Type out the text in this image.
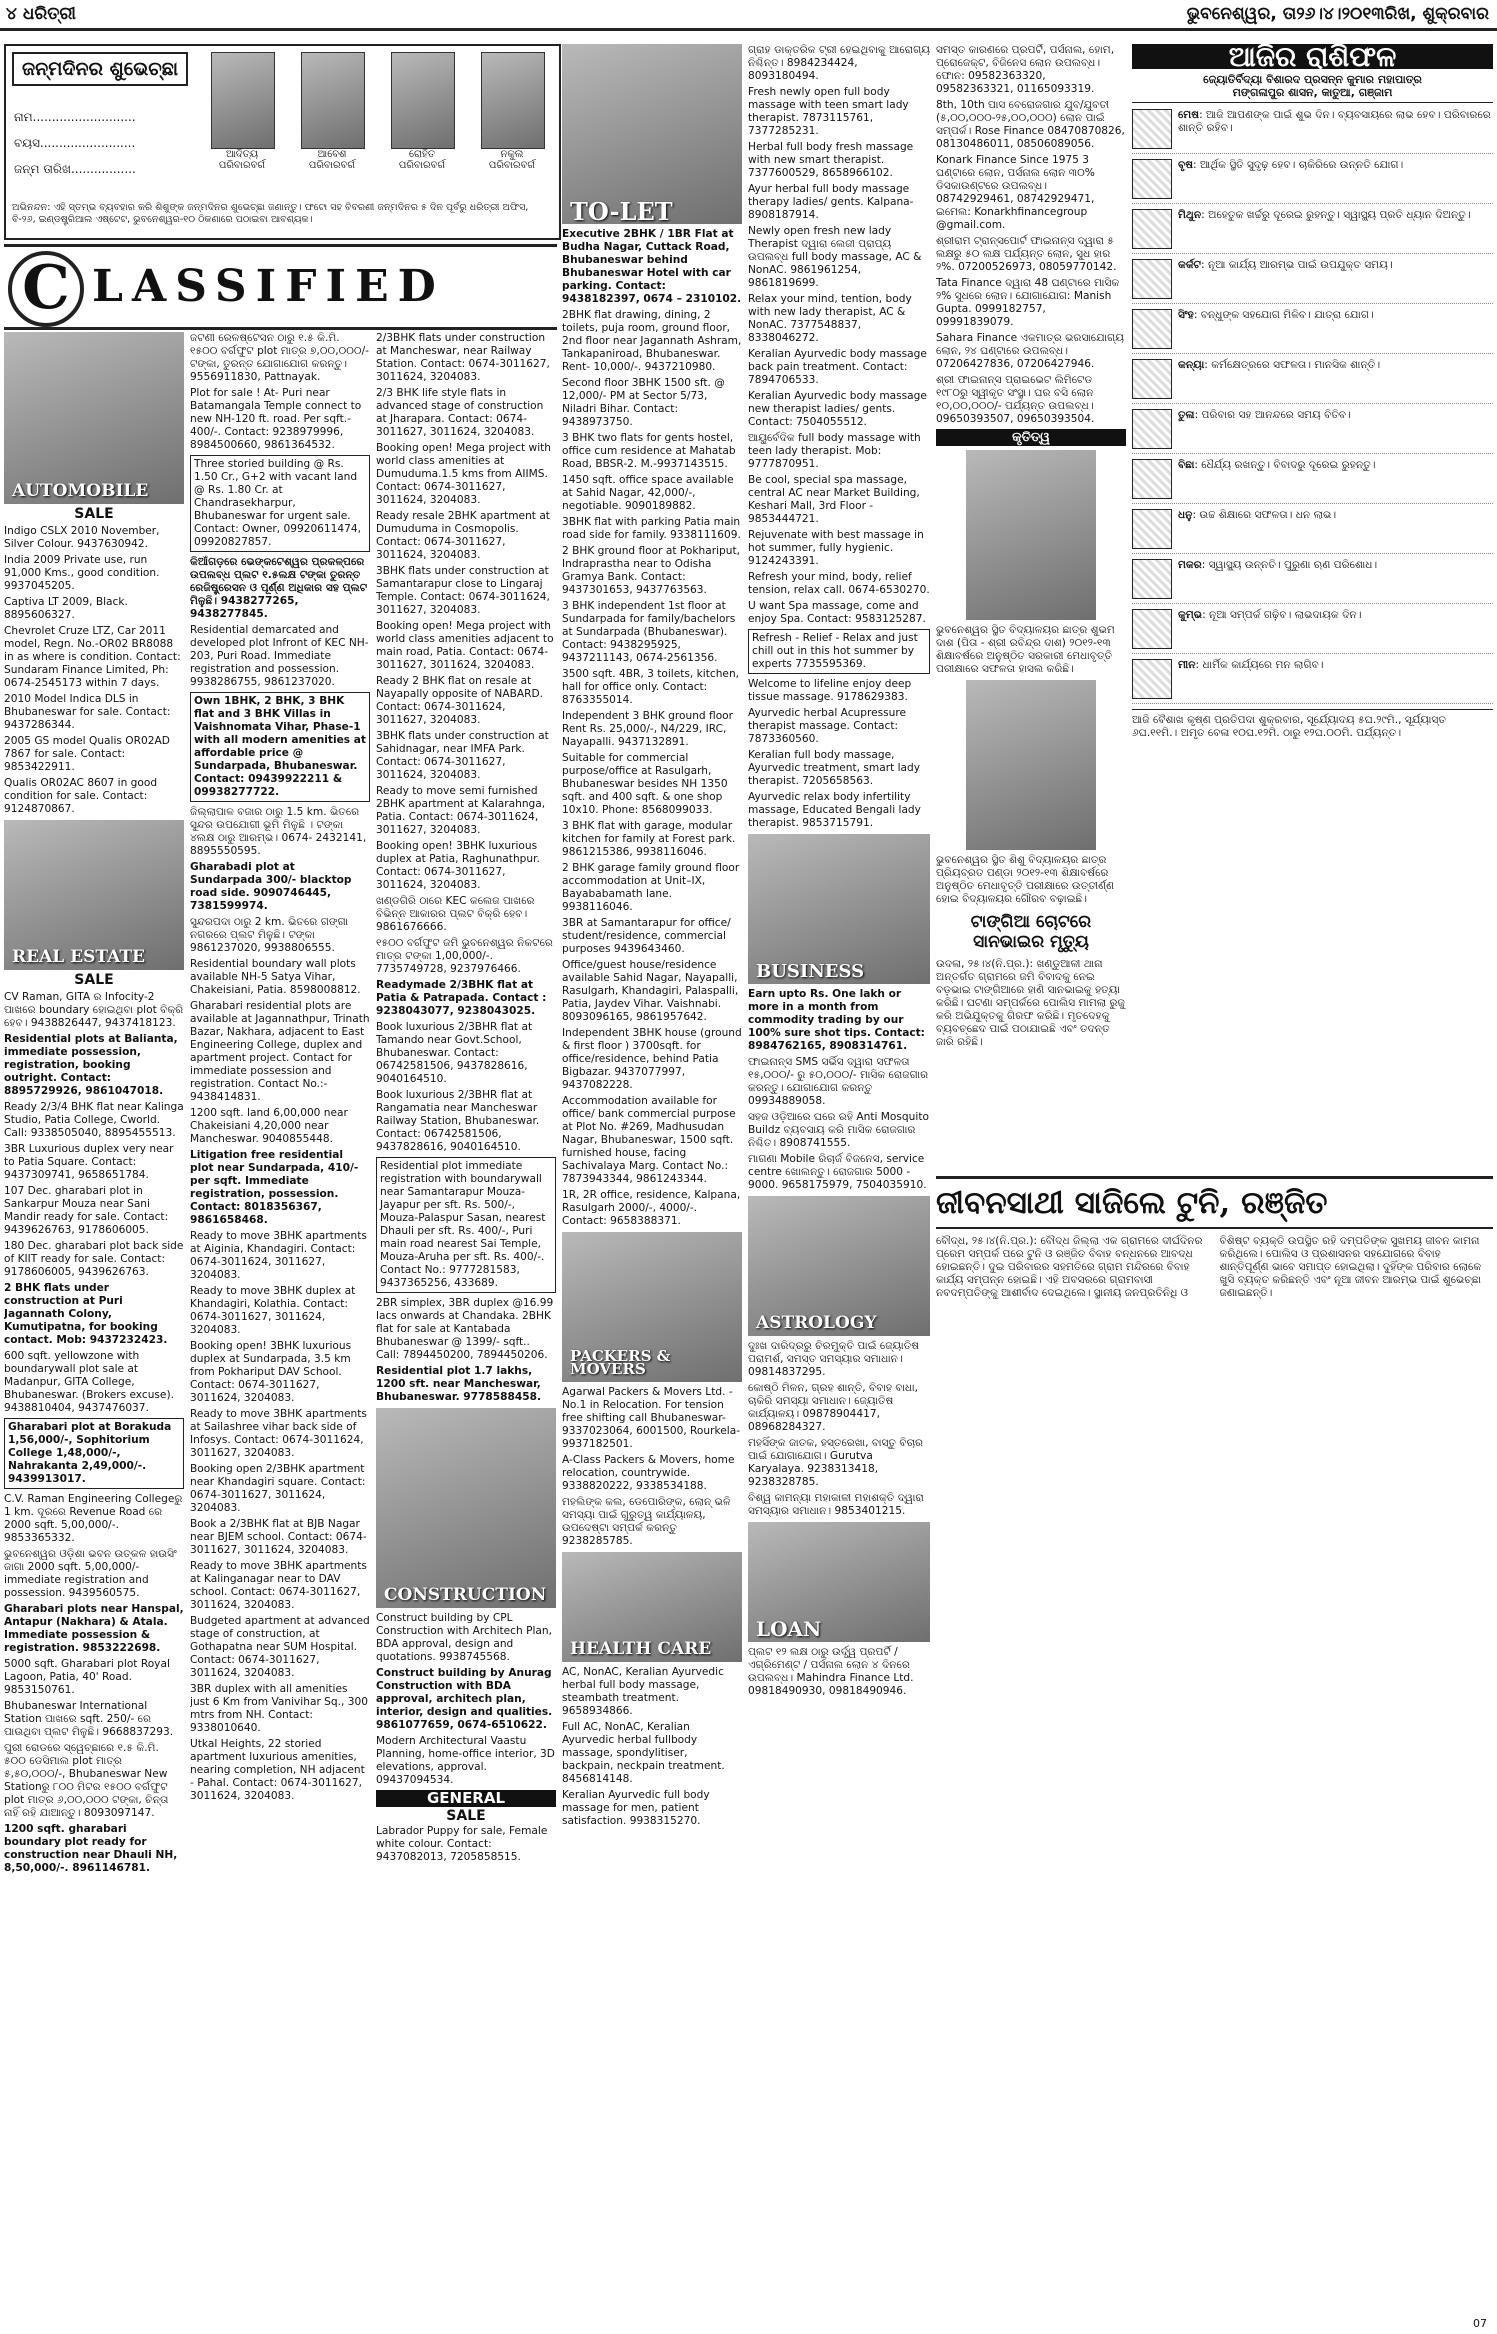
୪ ଧରିତ୍ରୀ	ଭୁବନେଶ୍ୱର, ତା୨୬।୪।୨୦୧୩ରିଖ, ଶୁକ୍ରବାର
ଜନ୍ମଦିନର ଶୁଭେଚ୍ଛା
ନାମ...........................
ବୟସ.........................
ଜନ୍ମ ତାରିଖ.................
ଆଦିତ୍ୟ
ପରିବାରବର୍ଗ
ଆବେଶ
ପରିବାରବର୍ଗ
ରୋହିତ
ପରିବାରବର୍ଗ
ନକୁଲ
ପରିବାରବର୍ଗ
ଅଭିନନ୍ଦନ: ଏହି ସ୍ତମ୍ଭ ବ୍ୟବହାର କରି ଶିଶୁଙ୍କ ଜନ୍ମଦିନର ଶୁଭେଚ୍ଛା ଜଣାନ୍ତୁ। ଫଟୋ ସହ ବିବରଣୀ ଜନ୍ମଦିନର ୫ ଦିନ ପୂର୍ବରୁ ଧରିତ୍ରୀ ଅଫିସ, ବି-୨୬, ଇଣ୍ଡଷ୍ଟ୍ରିଆଲ ଏଷ୍ଟେଟ, ଭୁବନେଶ୍ୱର-୧୦ ଠିକଣାରେ ପଠାଇବା ଆବଶ୍ୟକ।
C LASSIFIED
AUTOMOBILE
SALE

Indigo CSLX 2010 November, Silver Colour. 9437630942.

India 2009 Private use, run 91,000 Kms., good condition. 9937045205.

Captiva LT 2009, Black. 8895606327.

Chevrolet Cruze LTZ, Car 2011 model, Regn. No.-OR02 BR8088 in as where is condition. Contact: Sundaram Finance Limited, Ph: 0674-2545173 within 7 days.

2010 Model Indica DLS in Bhubaneswar for sale. Contact: 9437286344.

2005 GS model Qualis OR02AD 7867 for sale. Contact: 9853422911.

Qualis OR02AC 8607 in good condition for sale. Contact: 9124870867.

REAL ESTATE
SALE

CV Raman, GITA ର Infocity-2 ପାଖରେ boundary ହୋଇଥିବା plot ବିକ୍ରି ହେବ। 9438826447, 9437418123.

Residential plots at Balianta, immediate possession, registration, booking outright. Contact: 8895729926, 9861047018.

Ready 2/3/4 BHK flat near Kalinga Studio, Patia College, Cworld. Call: 9338505040, 8895455513.

3BR Luxurious duplex very near to Patia Square. Contact: 9437309741, 9658651784.

107 Dec. gharabari plot in Sankarpur Mouza near Sani Mandir ready for sale. Contact: 9439626763, 9178606005.

180 Dec. gharabari plot back side of KIIT ready for sale. Contact: 9178606005, 9439626763.

2 BHK flats under construction at Puri Jagannath Colony, Kumutipatna, for booking contact. Mob: 9437232423.

600 sqft. yellowzone with boundarywall plot sale at Madanpur, GITA College, Bhubaneswar. (Brokers excuse). 9438810404, 9437476037.

Gharabari plot at Borakuda 1,56,000/-, Sophitorium College 1,48,000/-, Nahrakanta 2,49,000/-. 9439913017.

C.V. Raman Engineering Collegeରୁ 1 km. ଦୂରରେ Revenue Road ରେ 2000 sqft. 5,00,000/-. 9853365332.

ଭୁବନେଶ୍ୱର ଓଡ଼ିଶା ଭବନ ଉତ୍କଳ ହାଉସିଂ ଜାଗା 2000 sqft. 5,00,000/- immediate registration and possession. 9439560575.

Gharabari plots near Hanspal, Antapur (Nakhara) & Atala. Immediate possession & registration. 9853222698.

5000 sqft. Gharabari plot Royal Lagoon, Patia, 40' Road. 9853150761.

Bhubaneswar International Station ପାଖରେ sqft. 250/- ରେ ପାଉଥିବା ପ୍ଲଟ ମିଳୁଛି। 9668837293.

ପୁରୀ ରୋଡରେ ସ୍ୱେଚ୍ଛାରେ ୧.୫ କି.ମି. ୫୦୦ ଡେସିମାଲ plot ମାତ୍ର ୫,୫୦,୦୦୦/-, Bhubaneswar New Stationରୁ ୮୦୦ ମିଟର ୧୫୦୦ ବର୍ଗଫୁଟ plot ମାତ୍ର ୬,୦୦,୦୦୦ ଟଙ୍କା, ଚିନ୍ତା ନାହିଁ ରହି ଯାଆନ୍ତୁ। 8093097147.

1200 sqft. gharabari boundary plot ready for construction near Dhauli NH, 8,50,000/-. 8961146781.

ଜଟଣୀ ରେଳଷ୍ଟେସନ ଠାରୁ ୧.୫ କି.ମି. ୧୫୦୦ ବର୍ଗଫୁଟ plot ମାତ୍ର ୭,୦୦,୦୦୦/- ଟଙ୍କା, ତୁରନ୍ତ ଯୋଗାଯୋଗ କରନ୍ତୁ। 9556911830, Pattnayak.

Plot for sale ! At- Puri near Batamangala Temple connect to new NH-120 ft. road. Per sqft.- 400/-. Contact: 9238979996, 8984500660, 9861364532.

Three storied building @ Rs. 1.50 Cr., G+2 with vacant land @ Rs. 1.80 Cr. at Chandrasekharpur, Bhubaneswar for urgent sale. Contact: Owner, 09920611474, 09920827857.

କିଆଁଗଡ଼ରେ ଭେଙ୍କଟେଶ୍ୱର ପ୍ରକଳ୍ପରେ ଉପଲବ୍ଧ ପ୍ଲଟ ୧.୫ଲକ୍ଷ ଟଙ୍କା ତୁରନ୍ତ ରେଜିଷ୍ଟ୍ରେସନ ଓ ପୂର୍ଣ୍ଣ ଅଧିକାର ସହ ପ୍ଲଟ ମିଳୁଛି। 9438277265, 9438277845.

Residential demarcated and developed plot Infront of KEC NH-203, Puri Road. Immediate registration and possession. 9938286755, 9861237020.

Own 1BHK, 2 BHK, 3 BHK flat and 3 BHK Villas in Vaishnomata Vihar, Phase-1 with all modern amenities at affordable price @ Sundarpada, Bhubaneswar. Contact: 09439922211 & 09938277722.

ଜିଲ୍ଲାପାଳ ବଜାର ଠାରୁ 1.5 km. ଭିତରେ ସୁନ୍ଦର ଉପଯୋଗୀ ଭୂମି ମିଳୁଛି । ଟଙ୍କା ୪ଲକ୍ଷ ଠାରୁ ଆରମ୍ଭ। 0674- 2432141, 8895550595.

Gharabadi plot at Sundarpada 300/- blacktop road side. 9090746445, 7381599974.

ସୁନ୍ଦରପଦା ଠାରୁ 2 km. ଭିତରେ ଗଙ୍ଗା ନଗରରେ ପ୍ଲଟ ମିଳୁଛି। ଟଙ୍କା 9861237020, 9938806555.

Residential boundary wall plots available NH-5 Satya Vihar, Chakeisiani, Patia. 8598008812.

Gharabari residential plots are available at Jagannathpur, Trinath Bazar, Nakhara, adjacent to East Engineering College, duplex and apartment project. Contact for immediate possession and registration. Contact No.:- 9438414831.

1200 sqft. land 6,00,000 near Chakeisiani 4,20,000 near Mancheswar. 9040855448.

Litigation free residential plot near Sundarpada, 410/- per sqft. Immediate registration, possession. Contact: 8018356367, 9861658468.

Ready to move 3BHK apartments at Aiginia, Khandagiri. Contact: 0674-3011624, 3011627, 3204083.

Ready to move 3BHK duplex at Khandagiri, Kolathia. Contact: 0674-3011627, 3011624, 3204083.

Booking open! 3BHK luxurious duplex at Sundarpada, 3.5 km from Pokhariput DAV School. Contact: 0674-3011627, 3011624, 3204083.

Ready to move 3BHK apartments at Sailashree vihar back side of Infosys. Contact: 0674-3011624, 3011627, 3204083.

Booking open 2/3BHK apartment near Khandagiri square. Contact: 0674-3011627, 3011624, 3204083.

Book a 2/3BHK flat at BJB Nagar near BJEM school. Contact: 0674-3011627, 3011624, 3204083.

Ready to move 3BHK apartments at Kalinganagar near to DAV school. Contact: 0674-3011627, 3011624, 3204083.

Budgeted apartment at advanced stage of construction, at Gothapatna near SUM Hospital. Contact: 0674-3011627, 3011624, 3204083.

3BR duplex with all amenities just 6 Km from Vanivihar Sq., 300 mtrs from NH. Contact: 9338010640.

Utkal Heights, 22 storied apartment luxurious amenities, nearing completion, NH adjacent - Pahal. Contact: 0674-3011627, 3011624, 3204083.

2/3BHK flats under construction at Mancheswar, near Railway Station. Contact: 0674-3011627, 3011624, 3204083.

2/3 BHK life style flats in advanced stage of construction at Jharapara. Contact: 0674-3011627, 3011624, 3204083.

Booking open! Mega project with world class amenities at Dumuduma.1.5 kms from AIIMS. Contact: 0674-3011627, 3011624, 3204083.

Ready resale 2BHK apartment at Dumuduma in Cosmopolis. Contact: 0674-3011627, 3011624, 3204083.

3BHK flats under construction at Samantarapur close to Lingaraj Temple. Contact: 0674-3011624, 3011627, 3204083.

Booking open! Mega project with world class amenities adjacent to main road, Patia. Contact: 0674-3011627, 3011624, 3204083.

Ready 2 BHK flat on resale at Nayapally opposite of NABARD. Contact: 0674-3011624, 3011627, 3204083.

3BHK flats under construction at Sahidnagar, near IMFA Park. Contact: 0674-3011627, 3011624, 3204083.

Ready to move semi furnished 2BHK apartment at Kalarahnga, Patia. Contact: 0674-3011624, 3011627, 3204083.

Booking open! 3BHK luxurious duplex at Patia, Raghunathpur. Contact: 0674-3011627, 3011624, 3204083.

ଖଣ୍ଡଗିରି ଠାରେ KEC କଲେଜ ପାଖରେ ବିଭିନ୍ନ ଆକାରର ପ୍ଲଟ ବିକ୍ରି ହେବ। 9861676666.

୧୫୦୦ ବର୍ଗଫୁଟ ଜମି ଭୁବନେଶ୍ୱର ନିକଟରେ ମାତ୍ର ଟଙ୍କା 1,00,000/-. 7735749728, 9237976466.

Readymade 2/3BHK flat at Patia & Patrapada. Contact : 9238043077, 9238043025.

Book luxurious 2/3BHR flat at Tamando near Govt.School, Bhubaneswar. Contact: 06742581506, 9437828616, 9040164510.

Book luxurious 2/3BHR flat at Rangamatia near Mancheswar Railway Station, Bhubaneswar. Contact: 06742581506, 9437828616, 9040164510.

Residential plot immediate registration with boundarywall near Samantarapur Mouza-Jayapur per sft. Rs. 500/-, Mouza-Palaspur Sasan, nearest Dhauli per sft. Rs. 400/-, Puri main road nearest Sai Temple, Mouza-Aruha per sft. Rs. 400/-. Contact No.: 9777281583, 9437365256, 433689.

2BR simplex, 3BR duplex @16.99 lacs onwards at Chandaka. 2BHK flat for sale at Kantabada Bhubaneswar @ 1399/- sqft.. Call: 7894450200, 7894450206.

Residential plot 1.7 lakhs, 1200 sft. near Mancheswar, Bhubaneswar. 9778588458.

CONSTRUCTION

Construct building by CPL Construction with Architech Plan, BDA approval, design and quotations. 9938745568.

Construct building by Anurag Construction with BDA approval, architech plan, interior, design and qualities. 9861077659, 0674-6510622.

Modern Architectural Vaastu Planning, home-office interior, 3D elevations, approval. 09437094534.

GENERAL
SALE

Labrador Puppy for sale, Female white colour. Contact: 9437082013, 7205858515.

TO-LET

Executive 2BHK / 1BR Flat at Budha Nagar, Cuttack Road, Bhubaneswar behind Bhubaneswar Hotel with car parking. Contact: 9438182397, 0674 – 2310102.

2BHK flat drawing, dining, 2 toilets, puja room, ground floor, 2nd floor near Jagannath Ashram, Tankapaniroad, Bhubaneswar. Rent- 10,000/-. 9437210980.

Second floor 3BHK 1500 sft. @ 12,000/- PM at Sector 5/73, Niladri Bihar. Contact: 9438973750.

3 BHK two flats for gents hostel, office cum residence at Mahatab Road, BBSR-2. M.-9937143515.

1450 sqft. office space available at Sahid Nagar, 42,000/-, negotiable. 9090189882.

3BHK flat with parking Patia main road side for family. 9338111609.

2 BHK ground floor at Pokhariput, Indraprastha near to Odisha Gramya Bank. Contact: 9437301653, 9437763563.

3 BHK independent 1st floor at Sundarpada for family/bachelors at Sundarpada (Bhubaneswar). Contact: 9438295925, 9437211143, 0674-2561356.

3500 sqft. 4BR, 3 toilets, kitchen, hall for office only. Contact: 8763355014.

Independent 3 BHK ground floor Rent Rs. 25,000/-, N4/229, IRC, Nayapalli. 9437132891.

Suitable for commercial purpose/office at Rasulgarh, Bhubaneswar besides NH 1350 sqft. and 400 sqft. & one shop 10x10. Phone: 8568099033.

3 BHK flat with garage, modular kitchen for family at Forest park. 9861215386, 9938116046.

2 BHK garage family ground floor accommodation at Unit–IX, Bayababamath lane. 9938116046.

3BR at Samantarapur for office/ student/residence, commercial purposes 9439643460.

Office/guest house/residence available Sahid Nagar, Nayapalli, Rasulgarh, Khandagiri, Palaspalli, Patia, Jaydev Vihar. Vaishnabi. 8093096165, 9861957642.

Independent 3BHK house (ground & first floor ) 3700sqft. for office/residence, behind Patia Bigbazar. 9437077997, 9437082228.

Accommodation available for office/ bank commercial purpose at Plot No. #269, Madhusudan Nagar, Bhubaneswar, 1500 sqft. furnished house, facing Sachivalaya Marg. Contact No.: 7873943344, 9861243344.

1R, 2R office, residence, Kalpana, Rasulgarh 2000/-, 4000/-. Contact: 9658388371.

PACKERS & MOVERS

Agarwal Packers & Movers Ltd. - No.1 in Relocation. For tension free shifting call Bhubaneswar- 9337023064, 6001500, Rourkela-9937182501.

A-Class Packers & Movers, home relocation, countrywide. 9338820222, 9338534188.

ମହଲିଙ୍କ କଲ, ଡେପୋରିଙ୍କ, ଲୋନ୍ ଭଳି ସମସ୍ୟା ପାଇଁ ଗୁରୁତ୍ୱ କାର୍ଯ୍ୟାଳୟ, ଉପଦେଷ୍ଟା ସମ୍ପର୍କ କରନ୍ତୁ 9238285785.

HEALTH CARE

AC, NonAC, Keralian Ayurvedic herbal full body massage, steambath treatment. 9658934866.

Full AC, NonAC, Keralian Ayurvedic herbal fullbody massage, spondylitiser, backpain, neckpain treatment. 8456814148.

Keralian Ayurvedic full body massage for men, patient satisfaction. 9938315270.

ଗ୍ରାହ ଡାକ୍ତରିକ ଟ୍ରୀ ହେଇଥିବାକୁ ଆରୋଗ୍ୟ ନିଶ୍ଚିନ୍ତ। 8984234424, 8093180494.

Fresh newly open full body massage with teen smart lady therapist. 7873115761, 7377285231.

Herbal full body fresh massage with new smart therapist. 7377600529, 8658966102.

Ayur herbal full body massage therapy ladies/ gents. Kalpana- 8908187914.

Newly open fresh new lady Therapist ଦ୍ୱାରା ଲେଜୀ ପ୍ରାପ୍ୟ ଉପଲବ୍ଧ full body massage, AC & NonAC. 9861961254, 9861819699.

Relax your mind, tention, body with new lady therapist, AC & NonAC. 7377548837, 8338046272.

Keralian Ayurvedic body massage back pain treatment. Contact: 7894706533.

Keralian Ayurvedic body massage new therapist ladies/ gents. Contact: 7504055512.

ଆୟୁର୍ବେଦିକ full body massage with teen lady therapist. Mob: 9777870951.

Be cool, special spa massage, central AC near Market Building, Keshari Mall, 3rd Floor - 9853444721.

Rejuvenate with best massage in hot summer, fully hygienic. 9124243391.

Refresh your mind, body, relief tension, relax call. 0674-6530270.

U want Spa massage, come and enjoy Spa. Contact: 9583125287.

Refresh - Relief - Relax and just chill out in this hot summer by experts 7735595369.

Welcome to lifeline enjoy deep tissue massage. 9178629383.

Ayurvedic herbal Acupressure therapist massage. Contact: 7873360560.

Keralian full body massage, Ayurvedic treatment, smart lady therapist. 7205658563.

Ayurvedic relax body infertility massage, Educated Bengali lady therapist. 9853715791.

BUSINESS

Earn upto Rs. One lakh or more in a month from commodity trading by our 100% sure shot tips. Contact: 8984762165, 8908314761.

ଫାଇନାନ୍ସ SMS ସର୍ଭିସ ଦ୍ୱାରା ସଫଳତା ୧୫,୦୦୦/- ରୁ ୫୦,୦୦୦/- ମାସିକ ରୋଜଗାର କରନ୍ତୁ। ଯୋଗାଯୋଗ କରନ୍ତୁ 09934889058.

ସହଜ ଓଡ଼ିଆରେ ଘରେ ରହି Anti Mosquito Buildz ବ୍ୟବସାୟ କରି ମାସିକ ରୋଜଗାର ନିଶ୍ଚିତ। 8908741555.

ମାଗଣା Mobile ରିଚାର୍ଜ ବିଜନେସ, service centre ଖୋଲନ୍ତୁ। ରୋଜଗାର 5000 - 9000. 9658175979, 7504035910.

ASTROLOGY

ଦୁଃଖ ଦାରିଦ୍ରରୁ ଚିରମୁକ୍ତି ପାଇଁ ଜ୍ୟୋତିଷ ପରାମର୍ଶ, ସମସ୍ତ ସମସ୍ୟାର ସମାଧାନ। 09814837295.

କୋଷ୍ଠି ମିଳନ, ଗ୍ରହ ଶାନ୍ତି, ବିବାହ ବାଧା, ଚାକିରି ସମସ୍ୟା ସମାଧାନ। ଜ୍ୟୋତିଷ କାର୍ଯ୍ୟାଳୟ। 09878904417, 08968284327.

ମହସିଁଙ୍କ ଜାତକ, ହସ୍ତରେଖା, ବାସ୍ତୁ ବିଚାର ପାଇଁ ଯୋଗାଯୋଗ। Gurutva Karyalaya. 9238313418, 9238328785.

ବିଶ୍ୱ କାମନ୍ୟା ମହାକାଳୀ ମହାଶକ୍ତି ଦ୍ୱାରା ସମସ୍ୟାର ସମାଧାନ। 9853401215.

LOAN

ପ୍ଲଟ ୧୨ ଲକ୍ଷ ଠାରୁ ଉର୍ଦ୍ଧ୍ୱ ପ୍ରପର୍ଟି / ଏଗ୍ରିମେଣ୍ଟ / ପର୍ସନାଲ ଲୋନ ୪ ଦିନରେ ଉପଲବ୍ଧ। Mahindra Finance Ltd. 09818490930, 09818490946.

ସମସ୍ତ କାରଣରେ ପ୍ରପର୍ଟି, ପର୍ସନାଲ, ହୋମ, ପ୍ରୋଜେକ୍ଟ, ବିଜିନେସ ଲୋନ ଉପଲବ୍ଧ। ଫୋନ: 09582363320, 09582363321, 01165093319.

8th, 10th ପାସ ବେରୋଜଗାର ଯୁବ/ଯୁବତୀ (୫,୦୦,୦୦୦-୨୫,୦୦,୦୦୦) ଲୋନ ପାଇଁ ସମ୍ପର୍କ। Rose Finance 08470870826, 08130486011, 08506089056.

Konark Finance Since 1975 3 ଘଣ୍ଟାରେ ଲୋନ, ପର୍ସନାଲ ଲୋନ ୩୦% ଡିସକାଉଣ୍ଟରେ ଉପଲବ୍ଧ। 08742929461, 08742929471, ଇମେଲ: Konarkhfinancegroup @gmail.com.

ଶ୍ରୀରାମ ଟ୍ରାନ୍ସପୋର୍ଟ ଫାଇନାନ୍ସ ଦ୍ୱାରା ୫ ଲକ୍ଷରୁ ୫୦ ଲକ୍ଷ ପର୍ଯ୍ୟନ୍ତ ଲୋନ, ସୁଧ ହାର ୨%. 07200526973, 08059770142.

Tata Finance ଦ୍ୱାରା 48 ଘଣ୍ଟାରେ ମାସିକ ୨% ସୁଧରେ ଲୋନ। ଯୋଗାଯୋଗ: Manish Gupta. 0999182757, 09991839079.

Sahara Finance ଏକମାତ୍ର ଭରସାଯୋଗ୍ୟ ଲୋନ, ୨୪ ଘଣ୍ଟାରେ ଉପଲବ୍ଧ। 07206427836, 07206427946.

ଶ୍ରୀ ଫାଇନାନ୍ସ ପ୍ରାଇଭେଟ ଲିମିଟେଡ ୧୯୮୦ରୁ ସ୍ୱୀକୃତ ସଂସ୍ଥା। ଘର ବସି ଲୋନ ୧୦,୦୦,୦୦୦/- ପର୍ଯ୍ୟନ୍ତ ଉପଲବ୍ଧ। 09650393507, 09650393504.

କୃତିତ୍ୱ

ଭୁବନେଶ୍ୱର ସ୍ଥିତ ବିଦ୍ୟାଳୟର ଛାତ୍ର ଶୁଭମ ଦାଶ (ପିତା - ଶ୍ରୀ ରବିନ୍ଦ୍ର ଦାଶ) ୨୦୧୨-୧୩ ଶିକ୍ଷାବର୍ଷରେ ଅନୁଷ୍ଠିତ ସରକାରୀ ମେଧାବୃତ୍ତି ପରୀକ୍ଷାରେ ସଫଳତା ହାସଲ କରିଛି।

ଭୁବନେଶ୍ୱର ସ୍ଥିତ ଶିଶୁ ବିଦ୍ୟାଳୟର ଛାତ୍ର ପ୍ରିୟବ୍ରତ ପଣ୍ଡା ୨୦୧୨-୧୩ ଶିକ୍ଷାବର୍ଷରେ ଅନୁଷ୍ଠିତ ମେଧାବୃତ୍ତି ପରୀକ୍ଷାରେ ଉତ୍ତୀର୍ଣ୍ଣ ହୋଇ ବିଦ୍ୟାଳୟର ଗୌରବ ବଢ଼ାଇଛି।

ଟାଙ୍ଗିଆ ଚୋଟରେ ସାନଭାଇର ମୃତ୍ୟୁ

ଉଦଳା, ୨୫।୪(ନି.ପ୍ର.): ଖଣ୍ଡୁଆଳୀ ଥାନା ଅନ୍ତର୍ଗତ ଗ୍ରାମରେ ଜମି ବିବାଦକୁ ନେଇ ବଡ଼ଭାଇ ଟାଙ୍ଗିଆରେ ହାଣି ସାନଭାଇକୁ ହତ୍ୟା କରିଛି। ଘଟଣା ସମ୍ପର୍କରେ ପୋଲିସ ମାମଲା ରୁଜୁ କରି ଅଭିଯୁକ୍ତକୁ ଗିରଫ କରିଛି। ମୃତଦେହକୁ ବ୍ୟବଚ୍ଛେଦ ପାଇଁ ପଠାଯାଇଛି ଏବଂ ତଦନ୍ତ ଜାରି ରହିଛି।

ଆଜିର ରାଶିଫଳ
ଜ୍ୟୋତିର୍ବିଦ୍ୟା ବିଶାରଦ ପ୍ରସନ୍ନ କୁମାର ମହାପାତ୍ର
ମଙ୍ଗଳାପୁର ଶାସନ, କାତୁଆ, ଗଞ୍ଜାମ
ମେଷ: ଆଜି ଆପଣଙ୍କ ପାଇଁ ଶୁଭ ଦିନ। ବ୍ୟବସାୟରେ ଲାଭ ହେବ। ପରିବାରରେ ଶାନ୍ତି ରହିବ।
ବୃଷ: ଆର୍ଥିକ ସ୍ଥିତି ସୁଦୃଢ଼ ହେବ। ଚାକିରିରେ ଉନ୍ନତି ଯୋଗ।
ମିଥୁନ: ଅହେତୁକ ଖର୍ଚ୍ଚରୁ ଦୂରେଇ ରୁହନ୍ତୁ। ସ୍ୱାସ୍ଥ୍ୟ ପ୍ରତି ଧ୍ୟାନ ଦିଅନ୍ତୁ।
କର୍କଟ: ନୂଆ କାର୍ଯ୍ୟ ଆରମ୍ଭ ପାଇଁ ଉପଯୁକ୍ତ ସମୟ।
ସିଂହ: ବନ୍ଧୁଙ୍କ ସହଯୋଗ ମିଳିବ। ଯାତ୍ରା ଯୋଗ।
କନ୍ୟା: କର୍ମକ୍ଷେତ୍ରରେ ସଫଳତା। ମାନସିକ ଶାନ୍ତି।
ତୁଳା: ପରିବାର ସହ ଆନନ୍ଦରେ ସମୟ ବିତିବ।
ବିଛା: ଧୈର୍ଯ୍ୟ ରଖନ୍ତୁ। ବିବାଦରୁ ଦୂରେଇ ରୁହନ୍ତୁ।
ଧନୁ: ଉଚ୍ଚ ଶିକ୍ଷାରେ ସଫଳତା। ଧନ ଲାଭ।
ମକର: ସ୍ୱାସ୍ଥ୍ୟ ଉନ୍ନତି। ପୁରୁଣା ଋଣ ପରିଶୋଧ।
କୁମ୍ଭ: ନୂଆ ସମ୍ପର୍କ ଗଢ଼ିବ। ଲାଭଦାୟକ ଦିନ।
ମୀନ: ଧାର୍ମିକ କାର୍ଯ୍ୟରେ ମନ ଲାଗିବ।

ଆଜି ବୈଶାଖ କୃଷ୍ଣ ପ୍ରତିପଦା ଶୁକ୍ରବାର, ସୂର୍ଯ୍ୟୋଦୟ ୫ଘ.୨୯ମି., ସୂର୍ଯ୍ୟାସ୍ତ ୬ଘ.୧୧ମି.। ଅମୃତ ବେଳା ୧୦ଘ.୧୨ମି. ଠାରୁ ୧୨ଘ.୦୦ମି. ପର୍ଯ୍ୟନ୍ତ।

ଜୀବନସାଥୀ ସାଜିଲେ ଟୁନି, ରଞ୍ଜିତ
ବୌଦ୍ଧ, ୨୫।୪(ନି.ପ୍ର.): ବୌଦ୍ଧ ଜିଲ୍ଲା ଏକ ଗ୍ରାମରେ ଦୀର୍ଘଦିନର ପ୍ରେମ ସମ୍ପର୍କ ପରେ ଟୁନି ଓ ରଞ୍ଜିତ ବିବାହ ବନ୍ଧନରେ ଆବଦ୍ଧ ହୋଇଛନ୍ତି। ଦୁଇ ପରିବାରର ସହମତିରେ ଗ୍ରାମ ମନ୍ଦିରରେ ବିବାହ କାର୍ଯ୍ୟ ସମ୍ପନ୍ନ ହୋଇଛି। ଏହି ଅବସରରେ ଗ୍ରାମବାସୀ ନବଦମ୍ପତିଙ୍କୁ ଆଶୀର୍ବାଦ ଦେଇଥିଲେ। ସ୍ଥାନୀୟ ଜନପ୍ରତିନିଧି ଓ ବିଶିଷ୍ଟ ବ୍ୟକ୍ତି ଉପସ୍ଥିତ ରହି ଦମ୍ପତିଙ୍କ ସୁଖମୟ ଜୀବନ କାମନା କରିଥିଲେ। ପୋଲିସ ଓ ପ୍ରଶାସନର ସହଯୋଗରେ ବିବାହ ଶାନ୍ତିପୂର୍ଣ୍ଣ ଭାବେ ସମାପ୍ତ ହୋଇଥିଲା। ଦୁହିଁଙ୍କ ପରିବାର ଲୋକେ ଖୁସି ବ୍ୟକ୍ତ କରିଛନ୍ତି ଏବଂ ନୂଆ ଜୀବନ ଆରମ୍ଭ ପାଇଁ ଶୁଭେଚ୍ଛା ଜଣାଇଛନ୍ତି।
07
